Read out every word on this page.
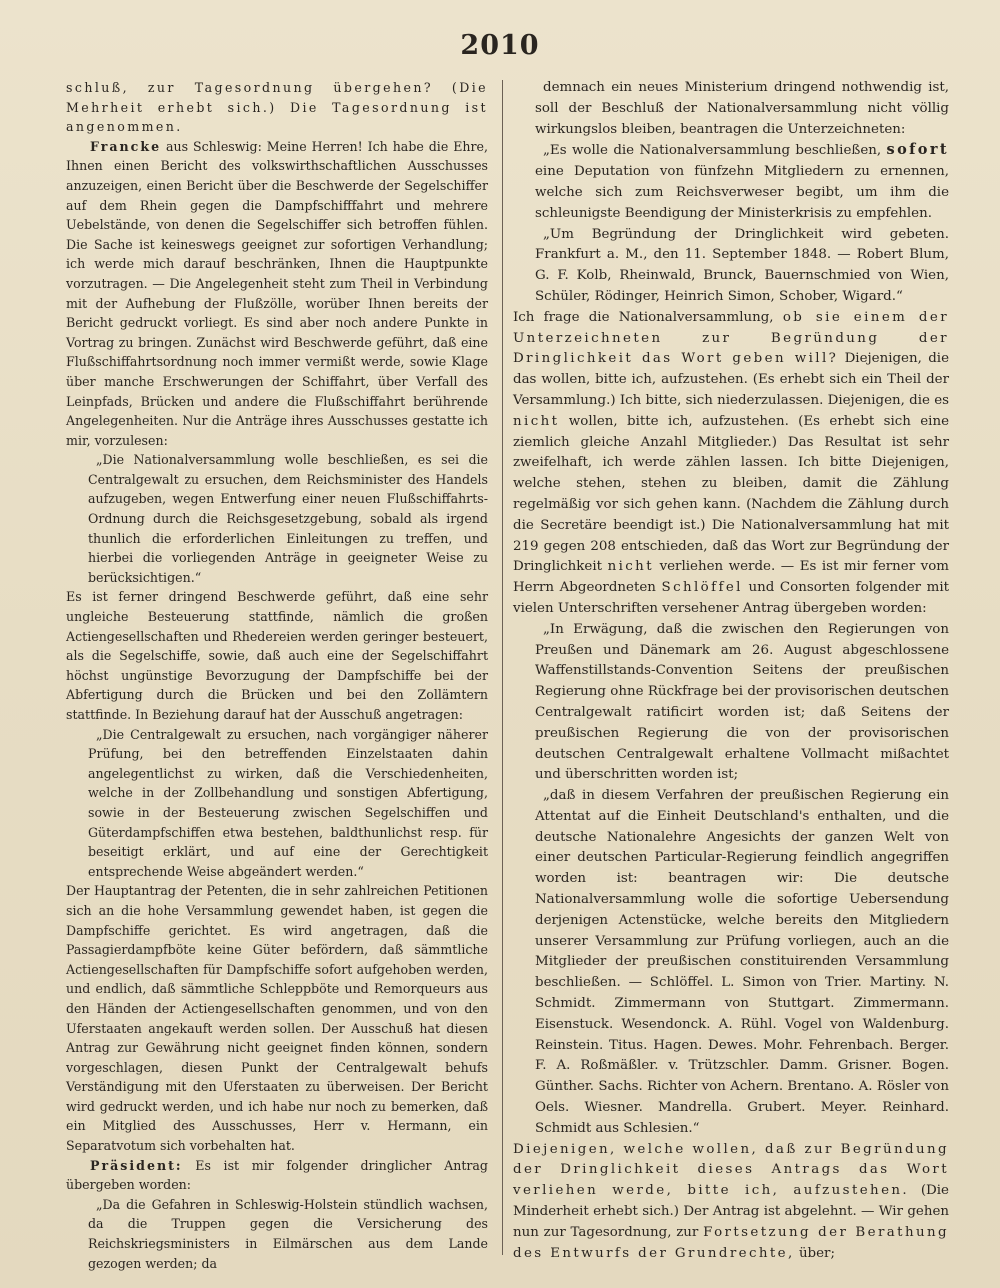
2010

schluß, zur Tagesordnung übergehen? (Die Mehrheit erhebt sich.) Die Tagesordnung ist angenommen.

Francke aus Schleswig: Meine Herren! Ich habe die Ehre, Ihnen einen Bericht des volkswirthschaftlichen Ausschusses anzuzeigen, einen Bericht über die Beschwerde der Segelschiffer auf dem Rhein gegen die Dampfschifffahrt und mehrere Uebelstände, von denen die Segelschiffer sich betroffen fühlen. Die Sache ist keineswegs geeignet zur sofortigen Verhandlung; ich werde mich darauf beschränken, Ihnen die Hauptpunkte vorzutragen. — Die Angelegenheit steht zum Theil in Verbindung mit der Aufhebung der Flußzölle, worüber Ihnen bereits der Bericht gedruckt vorliegt. Es sind aber noch andere Punkte in Vortrag zu bringen. Zunächst wird Beschwerde geführt, daß eine Flußschiffahrtsordnung noch immer vermißt werde, sowie Klage über manche Erschwerungen der Schiffahrt, über Verfall des Leinpfads, Brücken und andere die Flußschiffahrt berührende Angelegenheiten. Nur die Anträge ihres Ausschusses gestatte ich mir, vorzulesen:

„Die Nationalversammlung wolle beschließen, es sei die Centralgewalt zu ersuchen, dem Reichsminister des Handels aufzugeben, wegen Entwerfung einer neuen Flußschiffahrts-Ordnung durch die Reichsgesetzgebung, sobald als irgend thunlich die erforderlichen Einleitungen zu treffen, und hierbei die vorliegenden Anträge in geeigneter Weise zu berücksichtigen.“

Es ist ferner dringend Beschwerde geführt, daß eine sehr ungleiche Besteuerung stattfinde, nämlich die großen Actiengesellschaften und Rhedereien werden geringer besteuert, als die Segelschiffe, sowie, daß auch eine der Segelschiffahrt höchst ungünstige Bevorzugung der Dampfschiffe bei der Abfertigung durch die Brücken und bei den Zollämtern stattfinde. In Beziehung darauf hat der Ausschuß angetragen:

„Die Centralgewalt zu ersuchen, nach vorgängiger näherer Prüfung, bei den betreffenden Einzelstaaten dahin angelegentlichst zu wirken, daß die Verschiedenheiten, welche in der Zollbehandlung und sonstigen Abfertigung, sowie in der Besteuerung zwischen Segelschiffen und Güterdampfschiffen etwa bestehen, baldthunlichst resp. für beseitigt erklärt, und auf eine der Gerechtigkeit entsprechende Weise abgeändert werden.“

Der Hauptantrag der Petenten, die in sehr zahlreichen Petitionen sich an die hohe Versammlung gewendet haben, ist gegen die Dampfschiffe gerichtet. Es wird angetragen, daß die Passagierdampfböte keine Güter befördern, daß sämmtliche Actiengesellschaften für Dampfschiffe sofort aufgehoben werden, und endlich, daß sämmtliche Schleppböte und Remorqueurs aus den Händen der Actiengesellschaften genommen, und von den Uferstaaten angekauft werden sollen. Der Ausschuß hat diesen Antrag zur Gewährung nicht geeignet finden können, sondern vorgeschlagen, diesen Punkt der Centralgewalt behufs Verständigung mit den Uferstaaten zu überweisen. Der Bericht wird gedruckt werden, und ich habe nur noch zu bemerken, daß ein Mitglied des Ausschusses, Herr v. Hermann, ein Separatvotum sich vorbehalten hat.

Präsident: Es ist mir folgender dringlicher Antrag übergeben worden:

„Da die Gefahren in Schleswig-Holstein stündlich wachsen, da die Truppen gegen die Versicherung des Reichskriegsministers in Eilmärschen aus dem Lande gezogen werden; da

demnach ein neues Ministerium dringend nothwendig ist, soll der Beschluß der Nationalversammlung nicht völlig wirkungslos bleiben, beantragen die Unterzeichneten:

„Es wolle die Nationalversammlung beschließen, sofort eine Deputation von fünfzehn Mitgliedern zu ernennen, welche sich zum Reichsverweser begibt, um ihm die schleunigste Beendigung der Ministerkrisis zu empfehlen.

„Um Begründung der Dringlichkeit wird gebeten. Frankfurt a. M., den 11. September 1848. — Robert Blum, G. F. Kolb, Rheinwald, Brunck, Bauernschmied von Wien, Schüler, Rödinger, Heinrich Simon, Schober, Wigard.“

Ich frage die Nationalversammlung, ob sie einem der Unterzeichneten zur Begründung der Dringlichkeit das Wort geben will? Diejenigen, die das wollen, bitte ich, aufzustehen. (Es erhebt sich ein Theil der Versammlung.) Ich bitte, sich niederzulassen. Diejenigen, die es nicht wollen, bitte ich, aufzustehen. (Es erhebt sich eine ziemlich gleiche Anzahl Mitglieder.) Das Resultat ist sehr zweifelhaft, ich werde zählen lassen. Ich bitte Diejenigen, welche stehen, stehen zu bleiben, damit die Zählung regelmäßig vor sich gehen kann. (Nachdem die Zählung durch die Secretäre beendigt ist.) Die Nationalversammlung hat mit 219 gegen 208 entschieden, daß das Wort zur Begründung der Dringlichkeit nicht verliehen werde. — Es ist mir ferner vom Herrn Abgeordneten Schlöffel und Consorten folgender mit vielen Unterschriften versehener Antrag übergeben worden:

„In Erwägung, daß die zwischen den Regierungen von Preußen und Dänemark am 26. August abgeschlossene Waffenstillstands-Convention Seitens der preußischen Regierung ohne Rückfrage bei der provisorischen deutschen Centralgewalt ratificirt worden ist; daß Seitens der preußischen Regierung die von der provisorischen deutschen Centralgewalt erhaltene Vollmacht mißachtet und überschritten worden ist;

„daß in diesem Verfahren der preußischen Regierung ein Attentat auf die Einheit Deutschland's enthalten, und die deutsche Nationalehre Angesichts der ganzen Welt von einer deutschen Particular-Regierung feindlich angegriffen worden ist: beantragen wir: Die deutsche Nationalversammlung wolle die sofortige Uebersendung derjenigen Actenstücke, welche bereits den Mitgliedern unserer Versammlung zur Prüfung vorliegen, auch an die Mitglieder der preußischen constituirenden Versammlung beschließen. — Schlöffel. L. Simon von Trier. Martiny. N. Schmidt. Zimmermann von Stuttgart. Zimmermann. Eisenstuck. Wesendonck. A. Rühl. Vogel von Waldenburg. Reinstein. Titus. Hagen. Dewes. Mohr. Fehrenbach. Berger. F. A. Roßmäßler. v. Trützschler. Damm. Grisner. Bogen. Günther. Sachs. Richter von Achern. Brentano. A. Rösler von Oels. Wiesner. Mandrella. Grubert. Meyer. Reinhard. Schmidt aus Schlesien.“

Diejenigen, welche wollen, daß zur Begründung der Dringlichkeit dieses Antrags das Wort verliehen werde, bitte ich, aufzustehen. (Die Minderheit erhebt sich.) Der Antrag ist abgelehnt. — Wir gehen nun zur Tagesordnung, zur Fortsetzung der Berathung des Entwurfs der Grundrechte, über;
